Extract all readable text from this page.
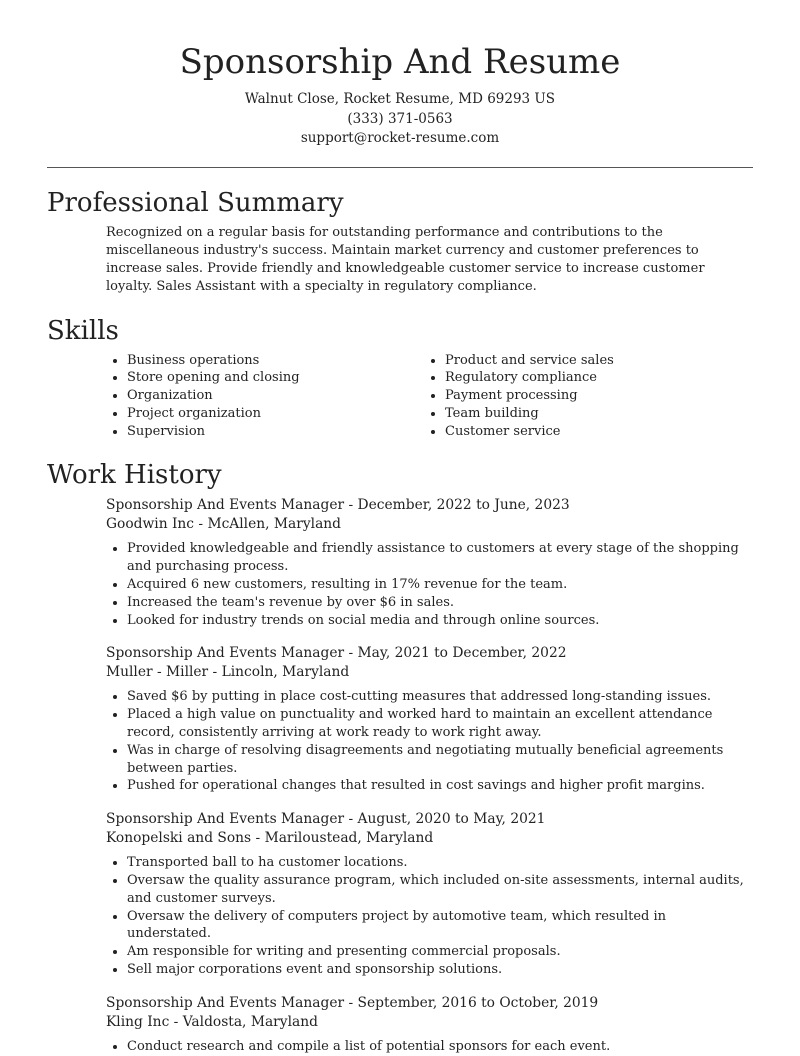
Sponsorship And Resume
Walnut Close, Rocket Resume, MD 69293 US
(333) 371-0563
support@rocket-resume.com
Professional Summary
Recognized on a regular basis for outstanding performance and contributions to the miscellaneous industry's success. Maintain market currency and customer preferences to increase sales. Provide friendly and knowledgeable customer service to increase customer loyalty. Sales Assistant with a specialty in regulatory compliance.
Skills
• Business operations
• Store opening and closing
• Organization
• Project organization
• Supervision
• Product and service sales
• Regulatory compliance
• Payment processing
• Team building
• Customer service
Work History
Sponsorship And Events Manager - December, 2022 to June, 2023
Goodwin Inc - McAllen, Maryland
• Provided knowledgeable and friendly assistance to customers at every stage of the shopping and purchasing process.
• Acquired 6 new customers, resulting in 17% revenue for the team.
• Increased the team's revenue by over $6 in sales.
• Looked for industry trends on social media and through online sources.
Sponsorship And Events Manager - May, 2021 to December, 2022
Muller - Miller - Lincoln, Maryland
• Saved $6 by putting in place cost-cutting measures that addressed long-standing issues.
• Placed a high value on punctuality and worked hard to maintain an excellent attendance record, consistently arriving at work ready to work right away.
• Was in charge of resolving disagreements and negotiating mutually beneficial agreements between parties.
• Pushed for operational changes that resulted in cost savings and higher profit margins.
Sponsorship And Events Manager - August, 2020 to May, 2021
Konopelski and Sons - Mariloustead, Maryland
• Transported ball to ha customer locations.
• Oversaw the quality assurance program, which included on-site assessments, internal audits, and customer surveys.
• Oversaw the delivery of computers project by automotive team, which resulted in understated.
• Am responsible for writing and presenting commercial proposals.
• Sell major corporations event and sponsorship solutions.
Sponsorship And Events Manager - September, 2016 to October, 2019
Kling Inc - Valdosta, Maryland
• Conduct research and compile a list of potential sponsors for each event.
